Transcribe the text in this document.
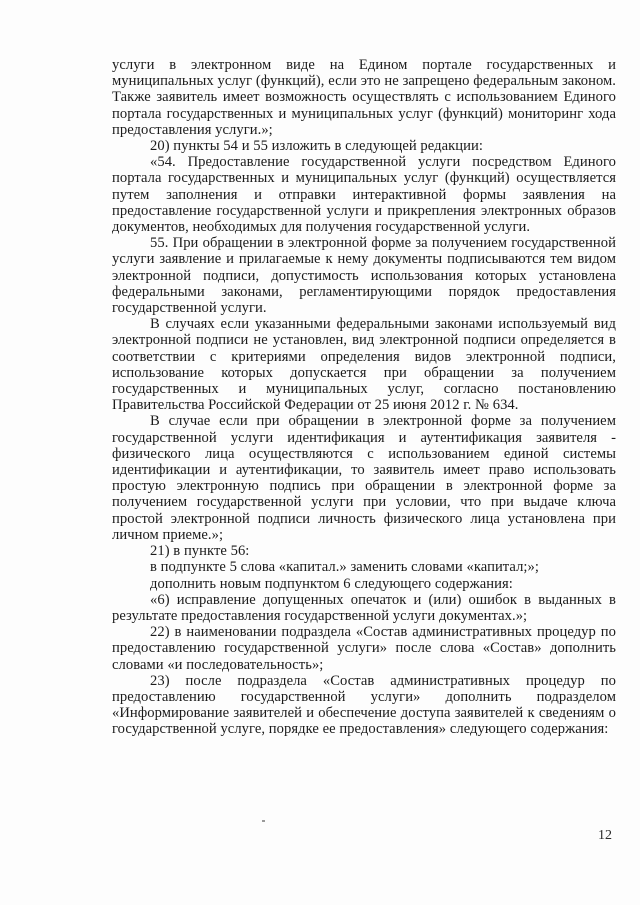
услуги в электронном виде на Едином портале государственных и муниципальных услуг (функций), если это не запрещено федеральным законом. Также заявитель имеет возможность осуществлять с использованием Единого портала государственных и муниципальных услуг (функций) мониторинг хода предоставления услуги.»;

20) пункты 54 и 55 изложить в следующей редакции:

«54. Предоставление государственной услуги посредством Единого портала государственных и муниципальных услуг (функций) осуществляется путем заполнения и отправки интерактивной формы заявления на предоставление государственной услуги и прикрепления электронных образов документов, необходимых для получения государственной услуги.

55. При обращении в электронной форме за получением государственной услуги заявление и прилагаемые к нему документы подписываются тем видом электронной подписи, допустимость использования которых установлена федеральными законами, регламентирующими порядок предоставления государственной услуги.

В случаях если указанными федеральными законами используемый вид электронной подписи не установлен, вид электронной подписи определяется в соответствии с критериями определения видов электронной подписи, использование которых допускается при обращении за получением государственных и муниципальных услуг, согласно постановлению Правительства Российской Федерации от 25 июня 2012 г. № 634.

В случае если при обращении в электронной форме за получением государственной услуги идентификация и аутентификация заявителя - физического лица осуществляются с использованием единой системы идентификации и аутентификации, то заявитель имеет право использовать простую электронную подпись при обращении в электронной форме за получением государственной услуги при условии, что при выдаче ключа простой электронной подписи личность физического лица установлена при личном приеме.»;

21) в пункте 56:

в подпункте 5 слова «капитал.» заменить словами «капитал;»;

дополнить новым подпунктом 6 следующего содержания:

«6) исправление допущенных опечаток и (или) ошибок в выданных в результате предоставления государственной услуги документах.»;

22) в наименовании подраздела «Состав административных процедур по предоставлению государственной услуги» после слова «Состав» дополнить словами «и последовательность»;

23) после подраздела «Состав административных процедур по предоставлению государственной услуги» дополнить подразделом «Информирование заявителей и обеспечение доступа заявителей к сведениям о государственной услуге, порядке ее предоставления» следующего содержания:

12
